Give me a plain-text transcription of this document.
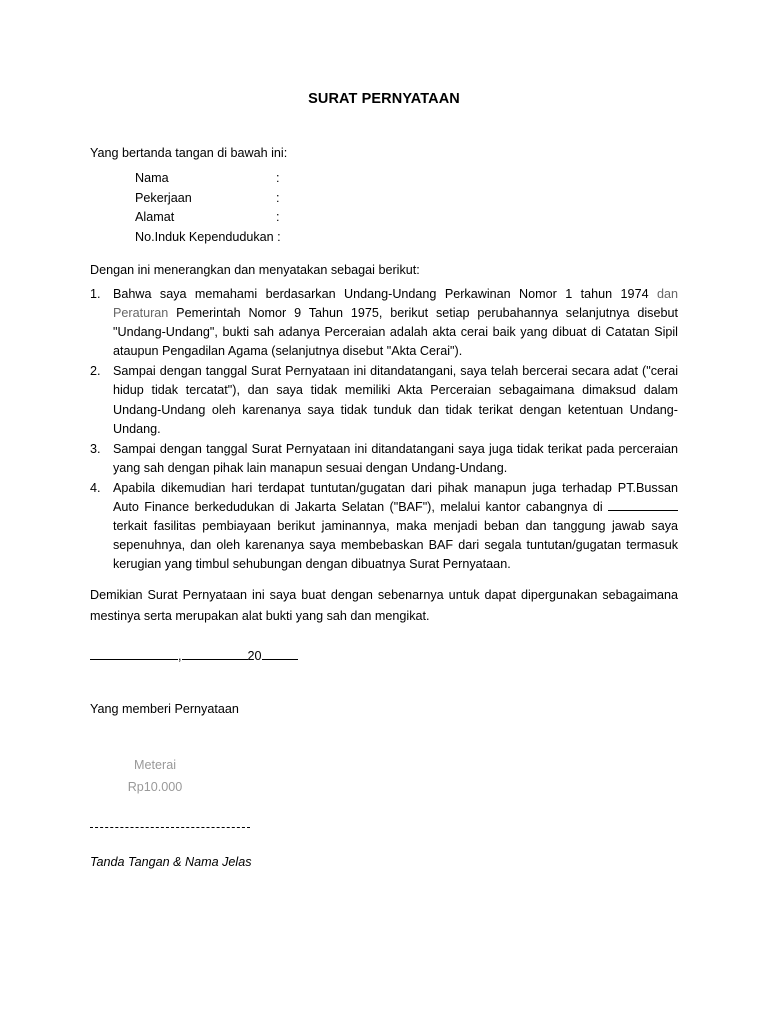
SURAT PERNYATAAN
Yang bertanda tangan di bawah ini:
Nama	:
Pekerjaan	:
Alamat	:
No.Induk Kependudukan :
Dengan ini menerangkan dan menyatakan sebagai berikut:
1. Bahwa saya memahami berdasarkan Undang-Undang Perkawinan Nomor 1 tahun 1974 dan Peraturan Pemerintah Nomor 9 Tahun 1975, berikut setiap perubahannya selanjutnya disebut "Undang-Undang", bukti sah adanya Perceraian adalah akta cerai baik yang dibuat di Catatan Sipil ataupun Pengadilan Agama (selanjutnya disebut "Akta Cerai").
2. Sampai dengan tanggal Surat Pernyataan ini ditandatangani, saya telah bercerai secara adat ("cerai hidup tidak tercatat"), dan saya tidak memiliki Akta Perceraian sebagaimana dimaksud dalam Undang-Undang oleh karenanya saya tidak tunduk dan tidak terikat dengan ketentuan Undang-Undang.
3. Sampai dengan tanggal Surat Pernyataan ini ditandatangani saya juga tidak terikat pada perceraian yang sah dengan pihak lain manapun sesuai dengan Undang-Undang.
4. Apabila dikemudian hari terdapat tuntutan/gugatan dari pihak manapun juga terhadap PT.Bussan Auto Finance berkedudukan di Jakarta Selatan ("BAF"), melalui kantor cabangnya di  terkait fasilitas pembiayaan berikut jaminannya, maka menjadi beban dan tanggung jawab saya sepenuhnya, dan oleh karenanya saya membebaskan BAF dari segala tuntutan/gugatan termasuk kerugian yang timbul sehubungan dengan dibuatnya Surat Pernyataan.
Demikian Surat Pernyataan ini saya buat dengan sebenarnya untuk dapat dipergunakan sebagaimana mestinya serta merupakan alat bukti yang sah dan mengikat.
,	20
Yang memberi Pernyataan
Meterai
Rp10.000
Tanda Tangan & Nama Jelas
